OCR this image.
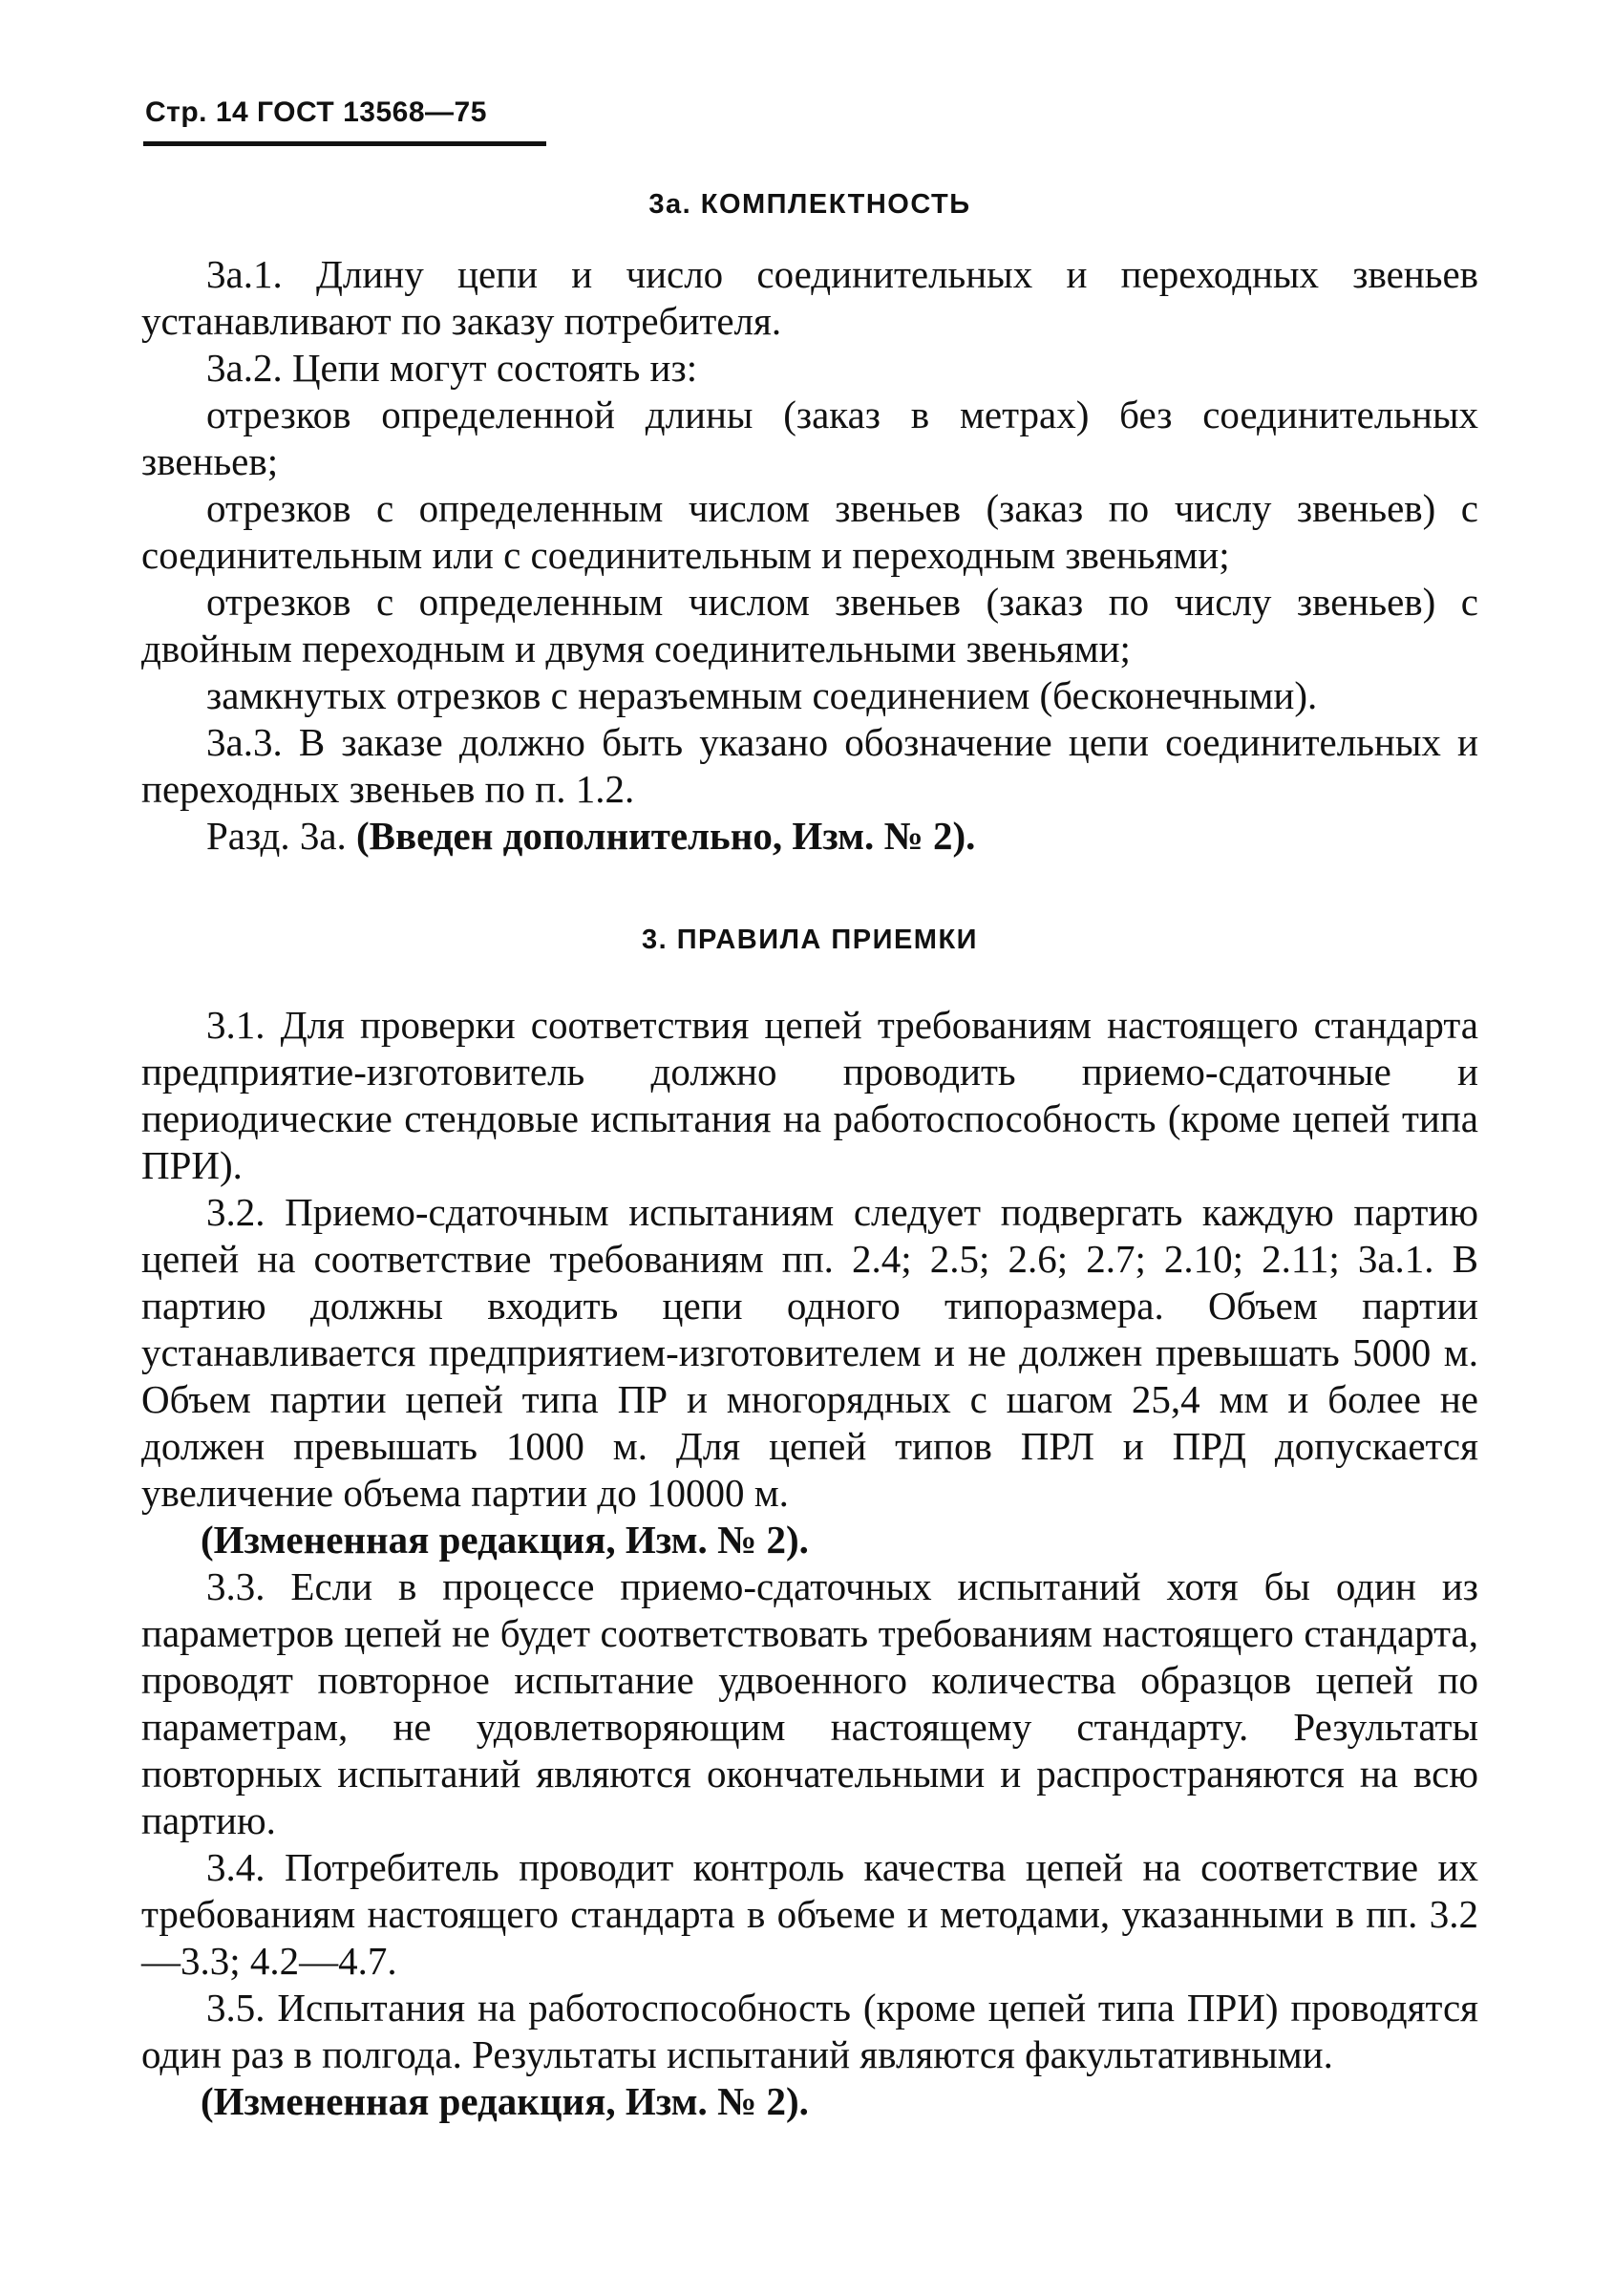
Стр. 14 ГОСТ 13568—75
3а. КОМПЛЕКТНОСТЬ

3а.1. Длину цепи и число соединительных и переходных звеньев устанавливают по заказу потребителя.

3а.2. Цепи могут состоять из:

отрезков определенной длины (заказ в метрах) без соединительных звеньев;

отрезков с определенным числом звеньев (заказ по числу звеньев) с соединительным или с соединительным и переходным звеньями;

отрезков с определенным числом звеньев (заказ по числу звеньев) с двойным переходным и двумя соединительными звеньями;

замкнутых отрезков с неразъемным соединением (бесконечными).

3а.3. В заказе должно быть указано обозначение цепи соединительных и переходных звеньев по п. 1.2.

Разд. 3а. (Введен дополнительно, Изм. № 2).

3. ПРАВИЛА ПРИЕМКИ

3.1. Для проверки соответствия цепей требованиям настоящего стандарта предприятие-изготовитель должно проводить приемо-сдаточные и периодические стендовые испытания на работоспособность (кроме цепей типа ПРИ).

3.2. Приемо-сдаточным испытаниям следует подвергать каждую партию цепей на соответствие требованиям пп. 2.4; 2.5; 2.6; 2.7; 2.10; 2.11; 3а.1. В партию должны входить цепи одного типоразмера. Объем партии устанавливается предприятием-изготовителем и не должен превышать 5000 м. Объем партии цепей типа ПР и многорядных с шагом 25,4 мм и более не должен превышать 1000 м. Для цепей типов ПРЛ и ПРД допускается увеличение объема партии до 10000 м.

(Измененная редакция, Изм. № 2).

3.3. Если в процессе приемо-сдаточных испытаний хотя бы один из параметров цепей не будет соответствовать требованиям настоящего стандарта, проводят повторное испытание удвоенного количества образцов цепей по параметрам, не удовлетворяющим настоящему стандарту. Результаты повторных испытаний являются окончательными и распространяются на всю партию.

3.4. Потребитель проводит контроль качества цепей на соответствие их требованиям настоящего стандарта в объеме и методами, указанными в пп. 3.2—3.3; 4.2—4.7.

3.5. Испытания на работоспособность (кроме цепей типа ПРИ) проводятся один раз в полгода. Результаты испытаний являются факультативными.

(Измененная редакция, Изм. № 2).
